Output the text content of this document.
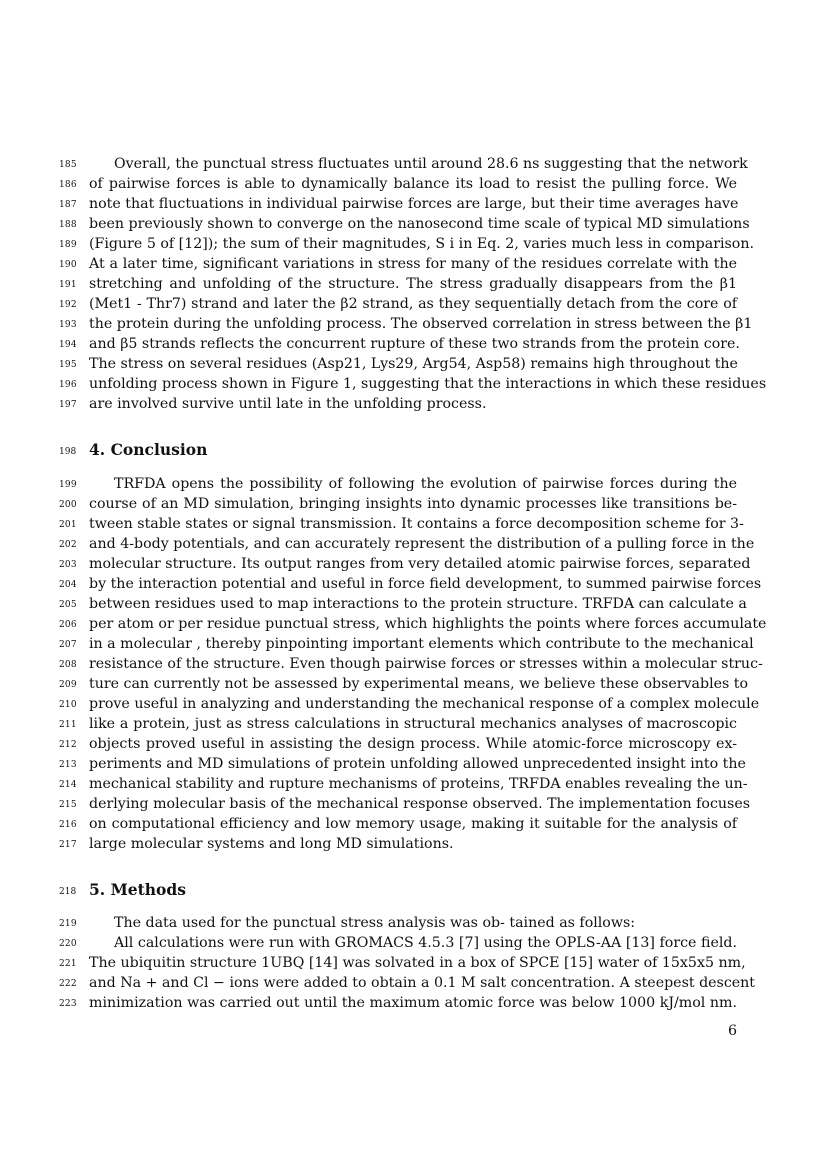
185	Overall, the punctual stress fluctuates until around 28.6 ns suggesting that the network
186 of pairwise forces is able to dynamically balance its load to resist the pulling force. We
187 note that fluctuations in individual pairwise forces are large, but their time averages have
188 been previously shown to converge on the nanosecond time scale of typical MD simulations
189 (Figure 5 of [12]); the sum of their magnitudes, S i in Eq. 2, varies much less in comparison.
190 At a later time, significant variations in stress for many of the residues correlate with the
191 stretching and unfolding of the structure. The stress gradually disappears from the β1
192 (Met1 - Thr7) strand and later the β2 strand, as they sequentially detach from the core of
193 the protein during the unfolding process. The observed correlation in stress between the β1
194 and β5 strands reflects the concurrent rupture of these two strands from the protein core.
195 The stress on several residues (Asp21, Lys29, Arg54, Asp58) remains high throughout the
196 unfolding process shown in Figure 1, suggesting that the interactions in which these residues
197 are involved survive until late in the unfolding process.
198 4. Conclusion
199	TRFDA opens the possibility of following the evolution of pairwise forces during the
200 course of an MD simulation, bringing insights into dynamic processes like transitions be-
201 tween stable states or signal transmission. It contains a force decomposition scheme for 3-
202 and 4-body potentials, and can accurately represent the distribution of a pulling force in the
203 molecular structure. Its output ranges from very detailed atomic pairwise forces, separated
204 by the interaction potential and useful in force field development, to summed pairwise forces
205 between residues used to map interactions to the protein structure. TRFDA can calculate a
206 per atom or per residue punctual stress, which highlights the points where forces accumulate
207 in a molecular , thereby pinpointing important elements which contribute to the mechanical
208 resistance of the structure. Even though pairwise forces or stresses within a molecular struc-
209 ture can currently not be assessed by experimental means, we believe these observables to
210 prove useful in analyzing and understanding the mechanical response of a complex molecule
211 like a protein, just as stress calculations in structural mechanics analyses of macroscopic
212 objects proved useful in assisting the design process. While atomic-force microscopy ex-
213 periments and MD simulations of protein unfolding allowed unprecedented insight into the
214 mechanical stability and rupture mechanisms of proteins, TRFDA enables revealing the un-
215 derlying molecular basis of the mechanical response observed. The implementation focuses
216 on computational efficiency and low memory usage, making it suitable for the analysis of
217 large molecular systems and long MD simulations.
218 5. Methods
219	The data used for the punctual stress analysis was ob- tained as follows:
220	All calculations were run with GROMACS 4.5.3 [7] using the OPLS-AA [13] force field.
221 The ubiquitin structure 1UBQ [14] was solvated in a box of SPCE [15] water of 15x5x5 nm,
222 and Na + and Cl − ions were added to obtain a 0.1 M salt concentration. A steepest descent
223 minimization was carried out until the maximum atomic force was below 1000 kJ/mol nm.
6
